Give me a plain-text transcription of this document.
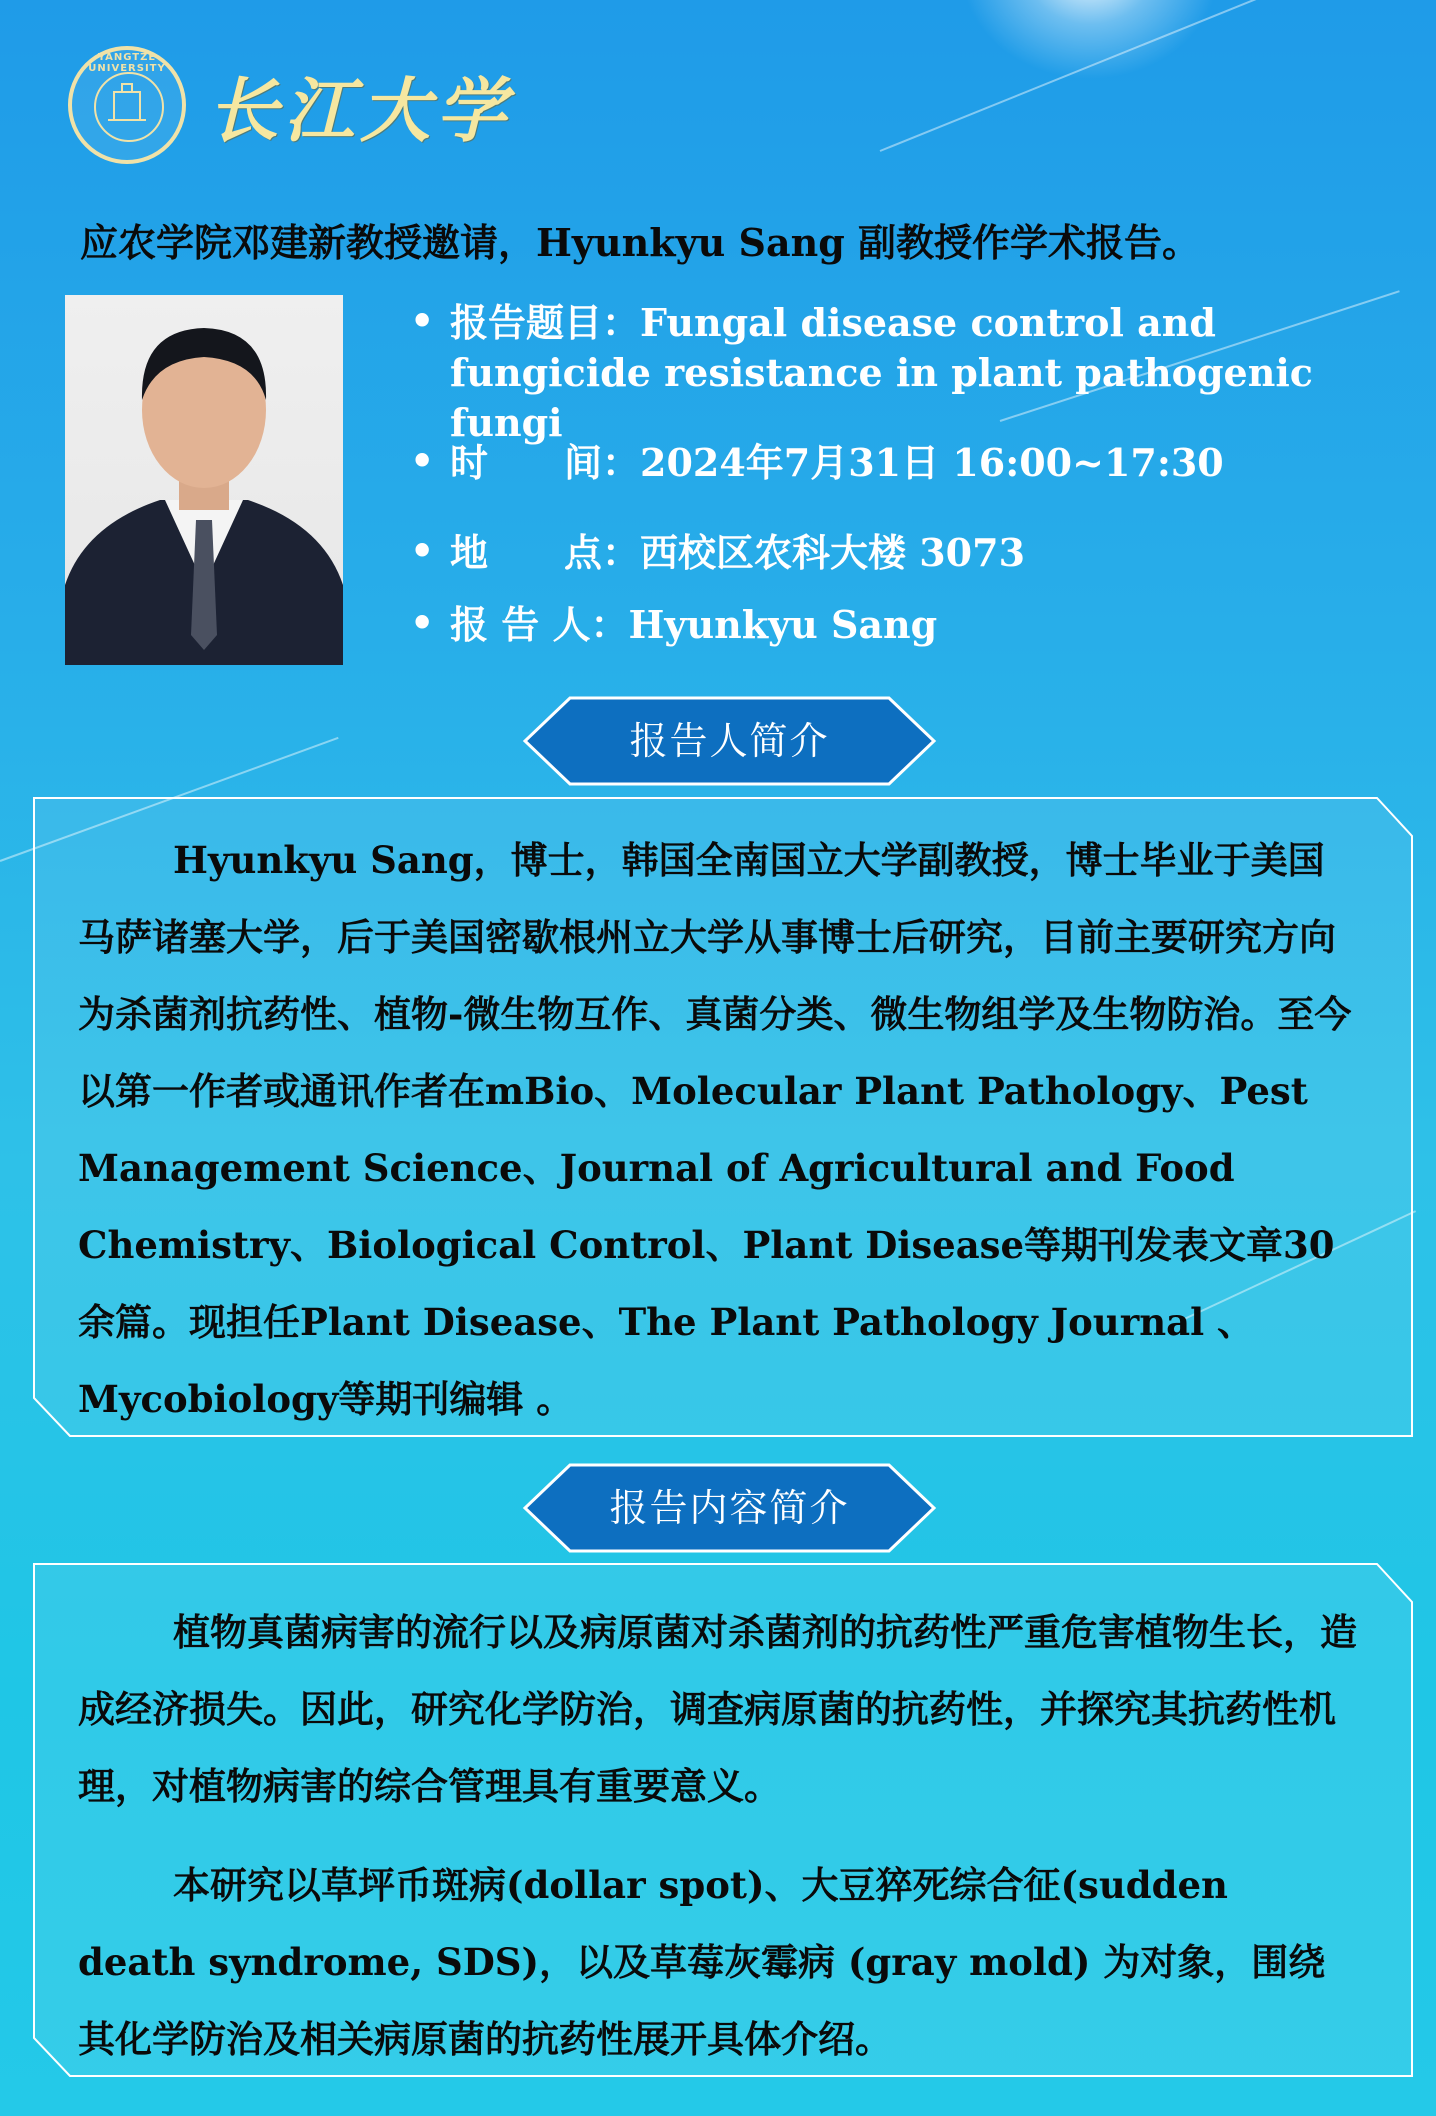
YANGTZE UNIVERSITY 长江大学
应农学院邓建新教授邀请，Hyunkyu Sang 副教授作学术报告。
• 报告题目：Fungal disease control and fungicide resistance in plant pathogenic fungi
• 时　　间：2024年7月31日 16:00~17:30
• 地　　点：西校区农科大楼 3073
• 报 告 人：Hyunkyu Sang
报告人简介

Hyunkyu Sang，博士，韩国全南国立大学副教授，博士毕业于美国马萨诸塞大学，后于美国密歇根州立大学从事博士后研究，目前主要研究方向为杀菌剂抗药性、植物-微生物互作、真菌分类、微生物组学及生物防治。至今以第一作者或通讯作者在mBio、Molecular Plant Pathology、Pest Management Science、Journal of Agricultural and Food Chemistry、Biological Control、Plant Disease等期刊发表文章30余篇。现担任Plant Disease、The Plant Pathology Journal 、Mycobiology等期刊编辑 。

报告内容简介

植物真菌病害的流行以及病原菌对杀菌剂的抗药性严重危害植物生长，造成经济损失。因此，研究化学防治，调查病原菌的抗药性，并探究其抗药性机理，对植物病害的综合管理具有重要意义。

本研究以草坪币斑病(dollar spot)、大豆猝死综合征(sudden death syndrome, SDS)，以及草莓灰霉病 (gray mold) 为对象，围绕其化学防治及相关病原菌的抗药性展开具体介绍。
